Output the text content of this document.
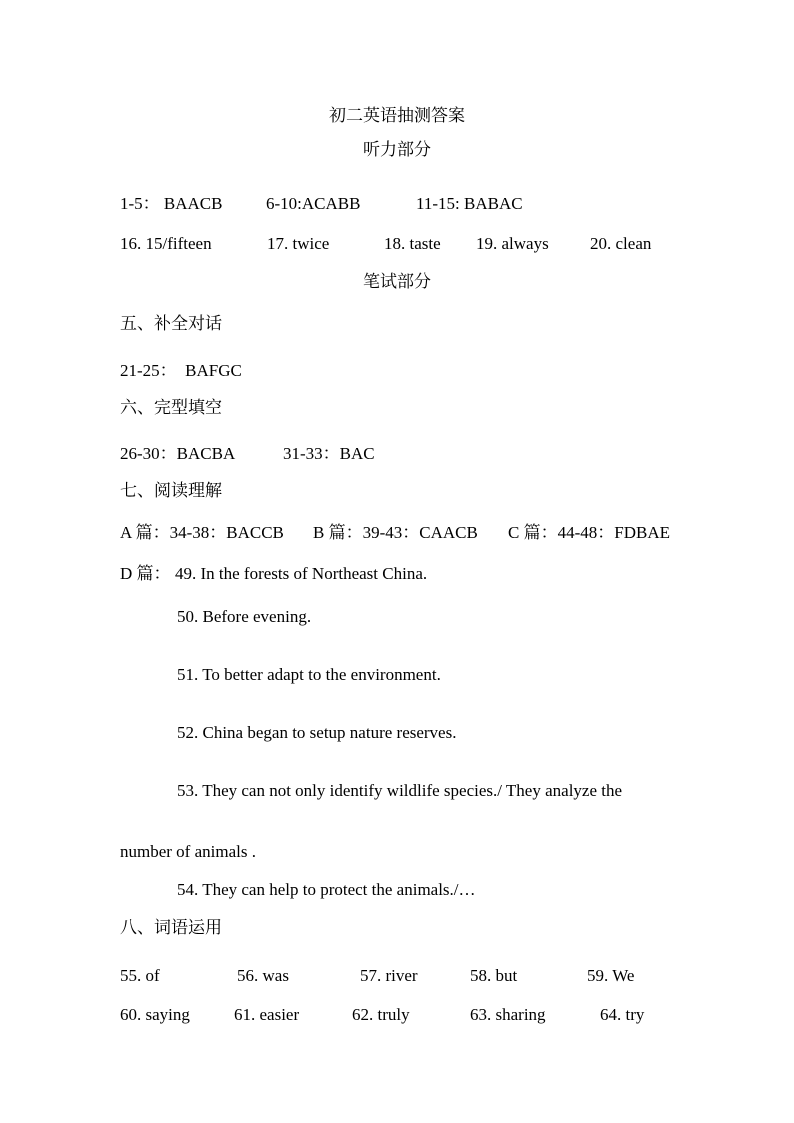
初二英语抽测答案
听力部分
1-5： BAACB	6-10:ACABB	11-15: BABAC
16. 15/fifteen	17. twice	18. taste 19. always 20. clean
笔试部分
五、补全对话
21-25：  BAFGC
六、完型填空
26-30：BACBA	31-33：BAC
七、阅读理解
A 篇：34-38：BACCB B 篇：39-43：CAACB C 篇：44-48：FDBAE
D 篇： 49. In the forests of Northeast China.
50. Before evening.
51. To better adapt to the environment.
52. China began to setup nature reserves.
53. They can not only identify wildlife species./ They analyze the
number of animals .
54. They can help to protect the animals./…
八、词语运用
55. of	56. was	57. river	58. but	59. We
60. saying	61. easier	62. truly	63. sharing	64. try
